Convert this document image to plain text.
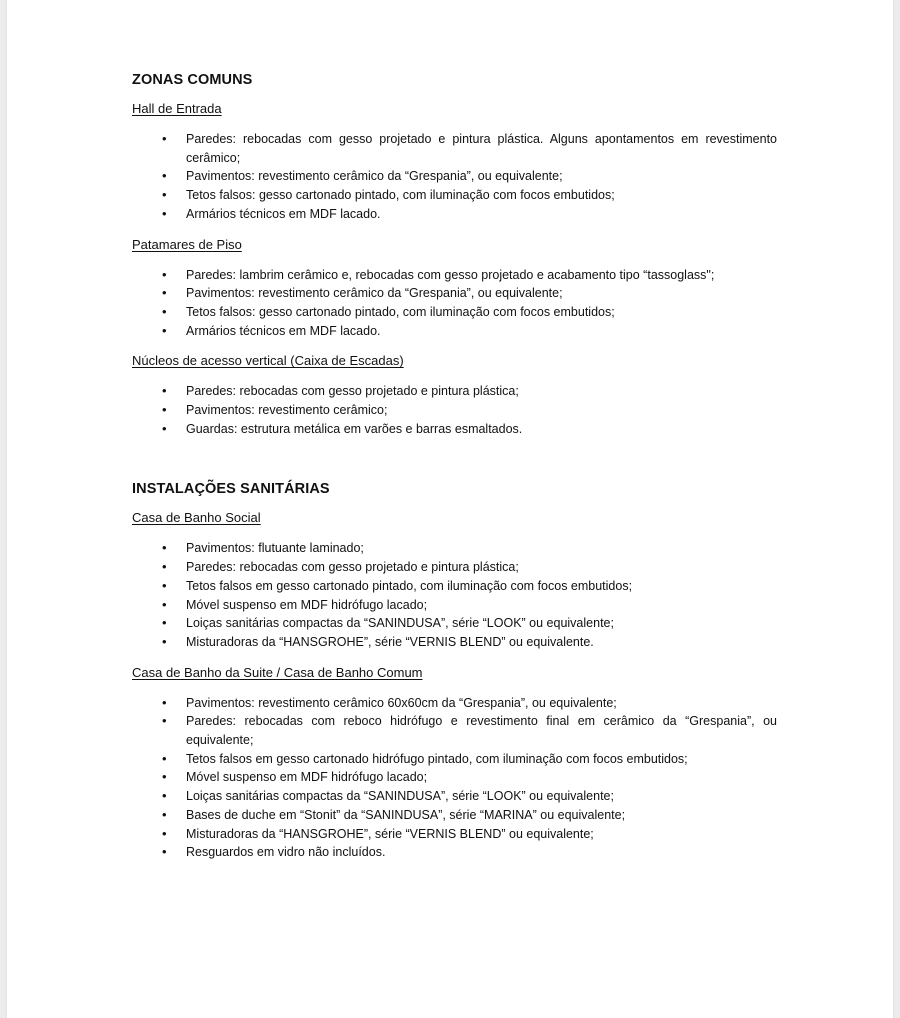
ZONAS COMUNS
Hall de Entrada
• Paredes: rebocadas com gesso projetado e pintura plástica. Alguns apontamentos em revestimento cerâmico;
• Pavimentos: revestimento cerâmico da “Grespania”, ou equivalente;
• Tetos falsos: gesso cartonado pintado, com iluminação com focos embutidos;
• Armários técnicos em MDF lacado.
Patamares de Piso
• Paredes: lambrim cerâmico e, rebocadas com gesso projetado e acabamento tipo “tassoglass";
• Pavimentos: revestimento cerâmico da “Grespania”, ou equivalente;
• Tetos falsos: gesso cartonado pintado, com iluminação com focos embutidos;
• Armários técnicos em MDF lacado.
Núcleos de acesso vertical (Caixa de Escadas)
• Paredes: rebocadas com gesso projetado e pintura plástica;
• Pavimentos: revestimento cerâmico;
• Guardas: estrutura metálica em varões e barras esmaltados.
INSTALAÇÕES SANITÁRIAS
Casa de Banho Social
• Pavimentos: flutuante laminado;
• Paredes: rebocadas com gesso projetado e pintura plástica;
• Tetos falsos em gesso cartonado pintado, com iluminação com focos embutidos;
• Móvel suspenso em MDF hidrófugo lacado;
• Loiças sanitárias compactas da “SANINDUSA”, série “LOOK” ou equivalente;
• Misturadoras da “HANSGROHE”, série “VERNIS BLEND” ou equivalente.
Casa de Banho da Suite / Casa de Banho Comum
• Pavimentos: revestimento cerâmico 60x60cm da “Grespania”, ou equivalente;
• Paredes: rebocadas com reboco hidrófugo e revestimento final em cerâmico da “Grespania”, ou equivalente;
• Tetos falsos em gesso cartonado hidrófugo pintado, com iluminação com focos embutidos;
• Móvel suspenso em MDF hidrófugo lacado;
• Loiças sanitárias compactas da “SANINDUSA”, série “LOOK” ou equivalente;
• Bases de duche em “Stonit” da “SANINDUSA”, série “MARINA” ou equivalente;
• Misturadoras da “HANSGROHE”, série “VERNIS BLEND” ou equivalente;
• Resguardos em vidro não incluídos.
